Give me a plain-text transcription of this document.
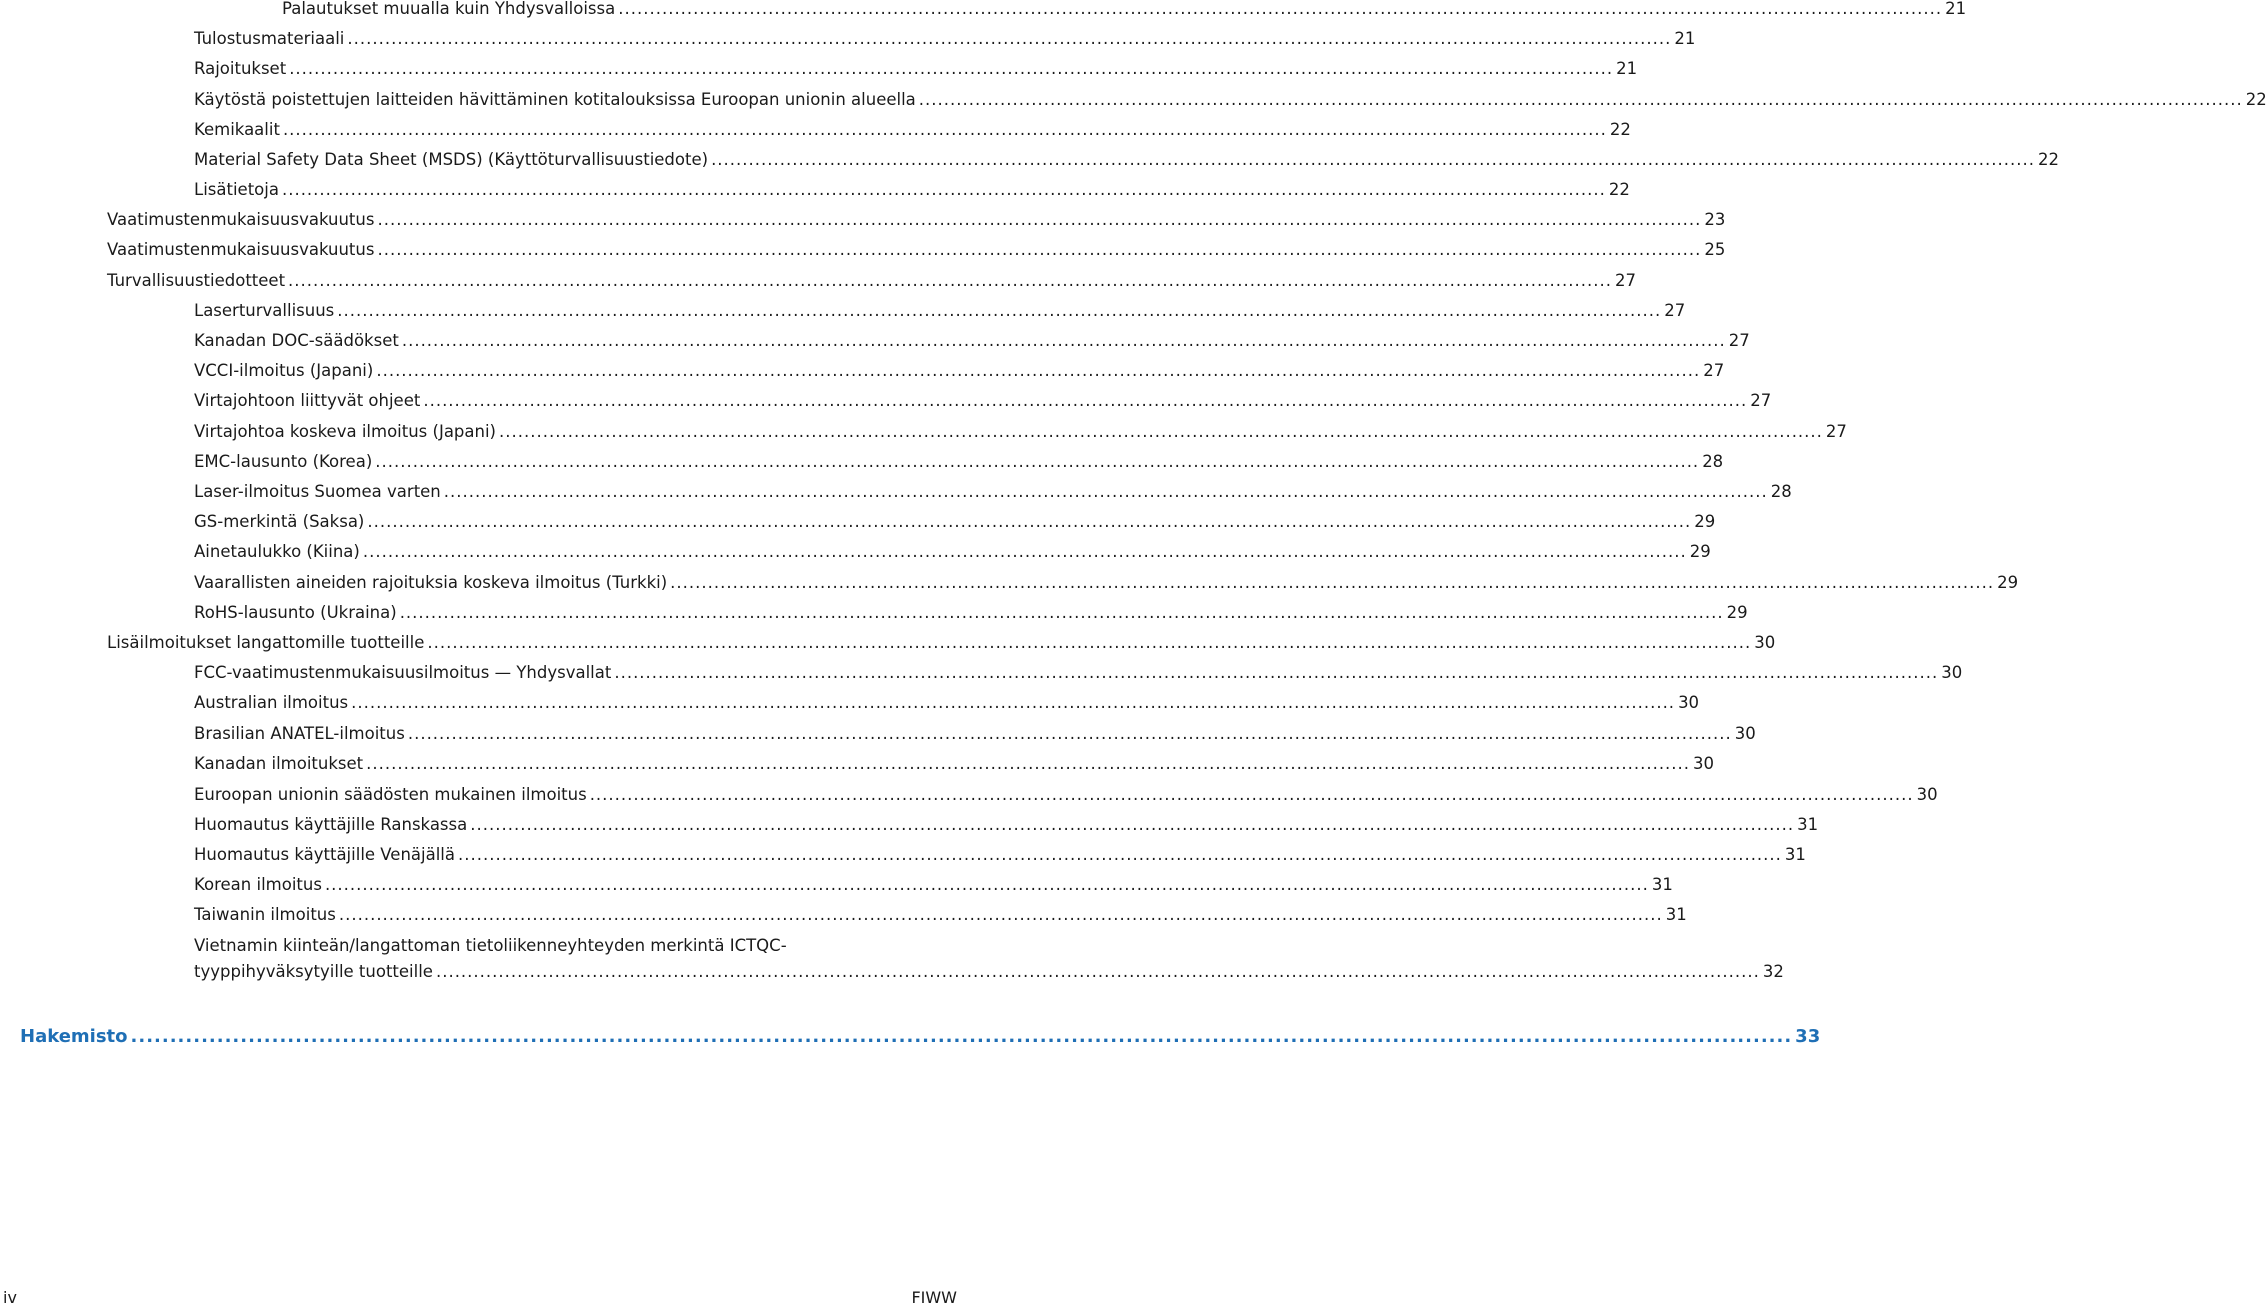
Palautukset muualla kuin Yhdysvalloissa .................................................................................................................................................................................................................... 21
Tulostusmateriaali .................................................................................................................................................................................................................... 21
Rajoitukset .................................................................................................................................................................................................................... 21
Käytöstä poistettujen laitteiden hävittäminen kotitalouksissa Euroopan unionin alueella .................................................................................................................................................................................................................... 22
Kemikaalit .................................................................................................................................................................................................................... 22
Material Safety Data Sheet (MSDS) (Käyttöturvallisuustiedote) .................................................................................................................................................................................................................... 22
Lisätietoja .................................................................................................................................................................................................................... 22
Vaatimustenmukaisuusvakuutus .................................................................................................................................................................................................................... 23
Vaatimustenmukaisuusvakuutus .................................................................................................................................................................................................................... 25
Turvallisuustiedotteet .................................................................................................................................................................................................................... 27
Laserturvallisuus .................................................................................................................................................................................................................... 27
Kanadan DOC-säädökset .................................................................................................................................................................................................................... 27
VCCI-ilmoitus (Japani) .................................................................................................................................................................................................................... 27
Virtajohtoon liittyvät ohjeet .................................................................................................................................................................................................................... 27
Virtajohtoa koskeva ilmoitus (Japani) .................................................................................................................................................................................................................... 27
EMC-lausunto (Korea) .................................................................................................................................................................................................................... 28
Laser-ilmoitus Suomea varten .................................................................................................................................................................................................................... 28
GS-merkintä (Saksa) .................................................................................................................................................................................................................... 29
Ainetaulukko (Kiina) .................................................................................................................................................................................................................... 29
Vaarallisten aineiden rajoituksia koskeva ilmoitus (Turkki) .................................................................................................................................................................................................................... 29
RoHS-lausunto (Ukraina) .................................................................................................................................................................................................................... 29
Lisäilmoitukset langattomille tuotteille .................................................................................................................................................................................................................... 30
FCC-vaatimustenmukaisuusilmoitus — Yhdysvallat .................................................................................................................................................................................................................... 30
Australian ilmoitus .................................................................................................................................................................................................................... 30
Brasilian ANATEL-ilmoitus .................................................................................................................................................................................................................... 30
Kanadan ilmoitukset .................................................................................................................................................................................................................... 30
Euroopan unionin säädösten mukainen ilmoitus .................................................................................................................................................................................................................... 30
Huomautus käyttäjille Ranskassa .................................................................................................................................................................................................................... 31
Huomautus käyttäjille Venäjällä .................................................................................................................................................................................................................... 31
Korean ilmoitus .................................................................................................................................................................................................................... 31
Taiwanin ilmoitus .................................................................................................................................................................................................................... 31
Vietnamin kiinteän/langattoman tietoliikenneyhteyden merkintä ICTQC-
tyyppihyväksytyille tuotteille .................................................................................................................................................................................................................... 32
Hakemisto .................................................................................................................................................................................................................... 33
iv	FIWW
